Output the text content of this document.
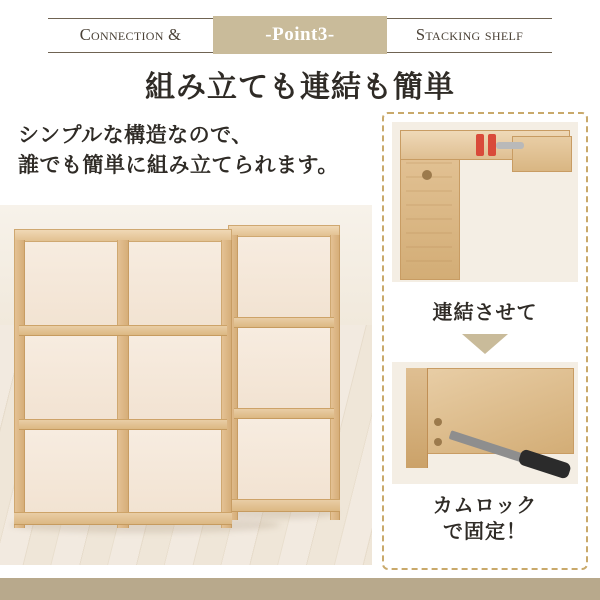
Connection &	-Point3-	Stacking shelf
組み立ても連結も簡単
シンプルな構造なので、
誰でも簡単に組み立てられます。
連結させて
カムロック
で固定！
